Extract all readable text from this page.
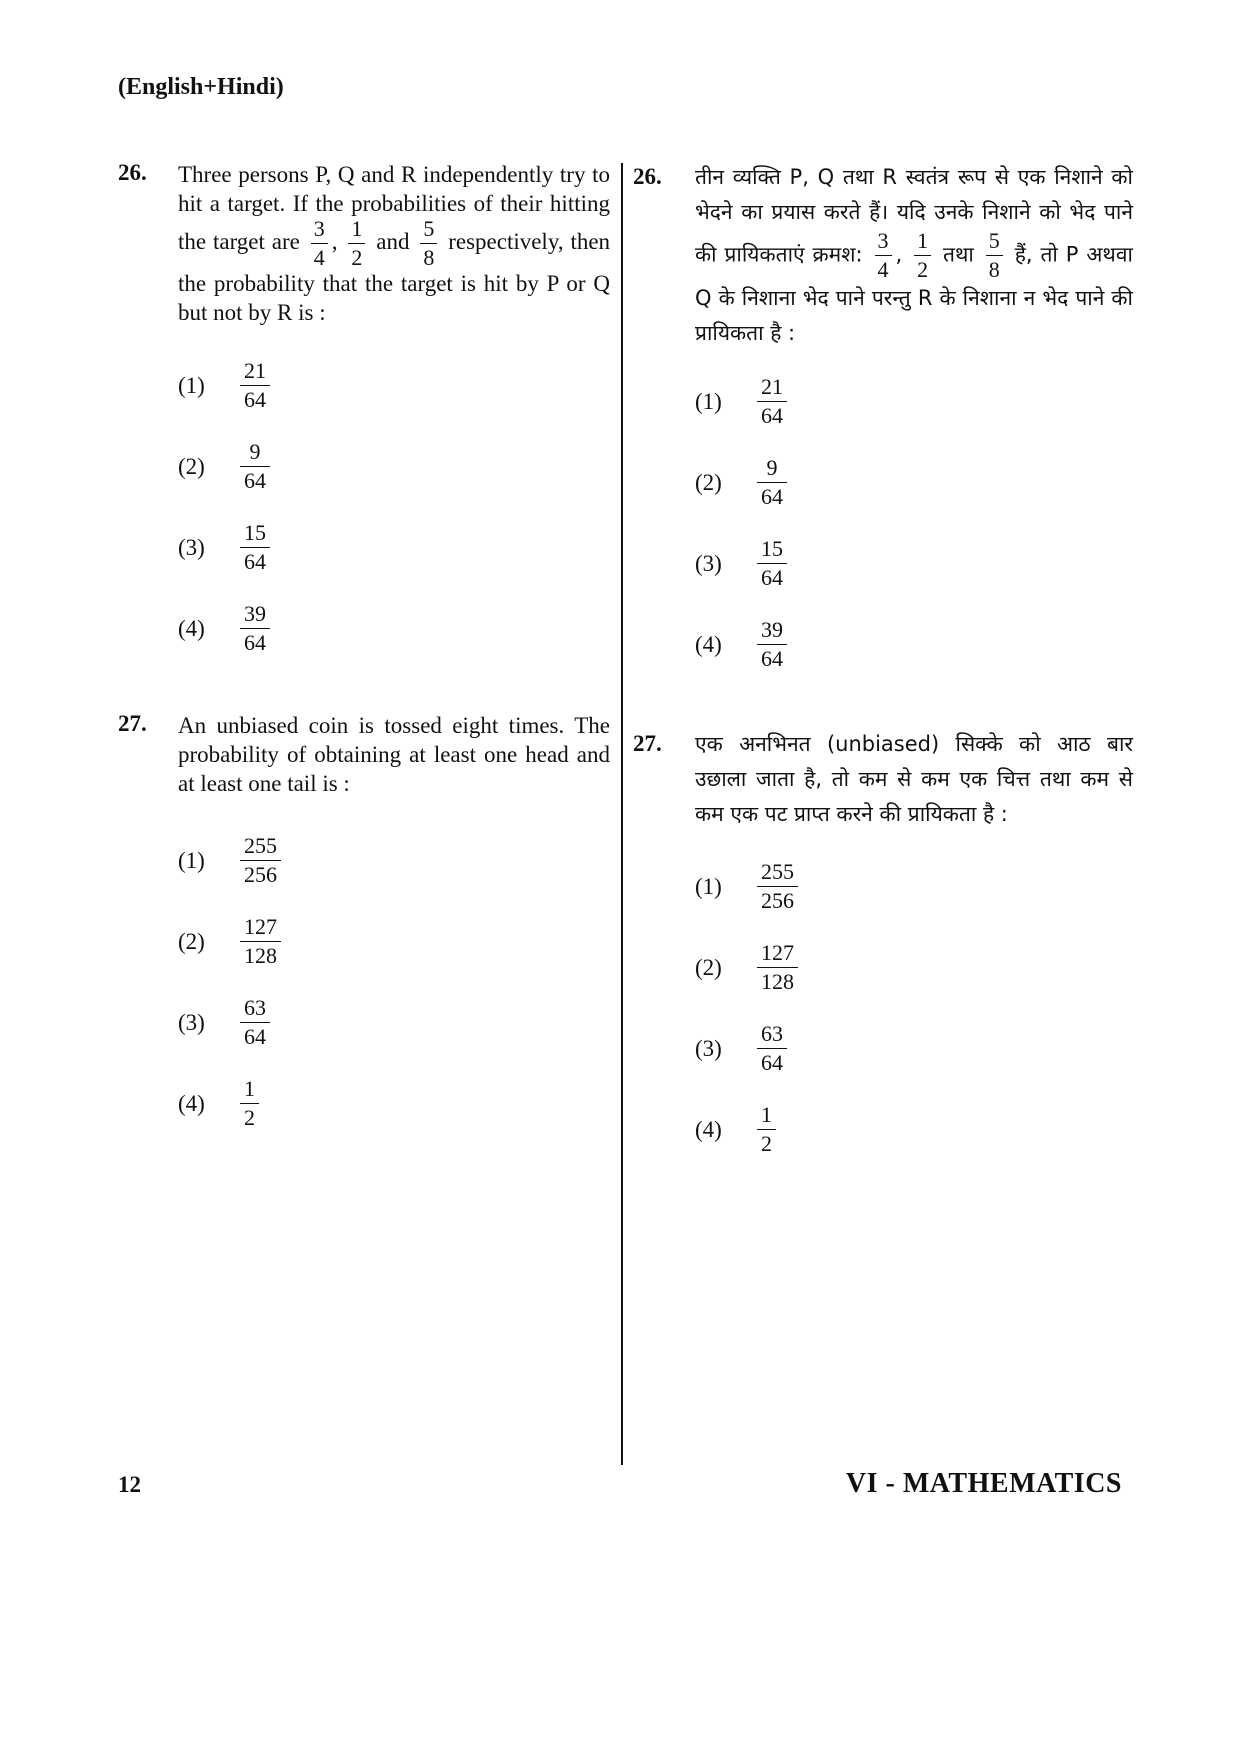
(English+Hindi)
26. Three persons P, Q and R independently try to hit a target. If the probabilities of their hitting the target are $\frac{3}{4}$ , $\frac{1}{2}$ and $\frac{5}{8}$ respectively, then the probability that the target is hit by P or Q but not by R is :
(1)	$\frac{21}{64}$
(2)	$\frac{9}{64}$
(3)	$\frac{15}{64}$
(4)	$\frac{39}{64}$
27. An unbiased coin is tossed eight times. The probability of obtaining at least one head and at least one tail is :
(1)	$\frac{255}{256}$
(2)	$\frac{127}{128}$
(3)	$\frac{63}{64}$
(4)	$\frac{1}{2}$
26. तीन व्यक्ति P, Q तथा R स्वतंत्र रूप से एक निशाने को भेदने का प्रयास करते हैं। यदि उनके निशाने को भेद पाने की प्रायिकताएं क्रमश: $\frac{3}{4}$ , $\frac{1}{2}$ तथा $\frac{5}{8}$ हैं, तो P अथवा Q के निशाना भेद पाने परन्तु R के निशाना न भेद पाने की प्रायिकता है :
(1)	$\frac{21}{64}$
(2)	$\frac{9}{64}$
(3)	$\frac{15}{64}$
(4)	$\frac{39}{64}$
27. एक अनभिनत (unbiased) सिक्के को आठ बार उछाला जाता है, तो कम से कम एक चित्त तथा कम से कम एक पट प्राप्त करने की प्रायिकता है :
(1)	$\frac{255}{256}$
(2)	$\frac{127}{128}$
(3)	$\frac{63}{64}$
(4)	$\frac{1}{2}$
12	VI - MATHEMATICS
